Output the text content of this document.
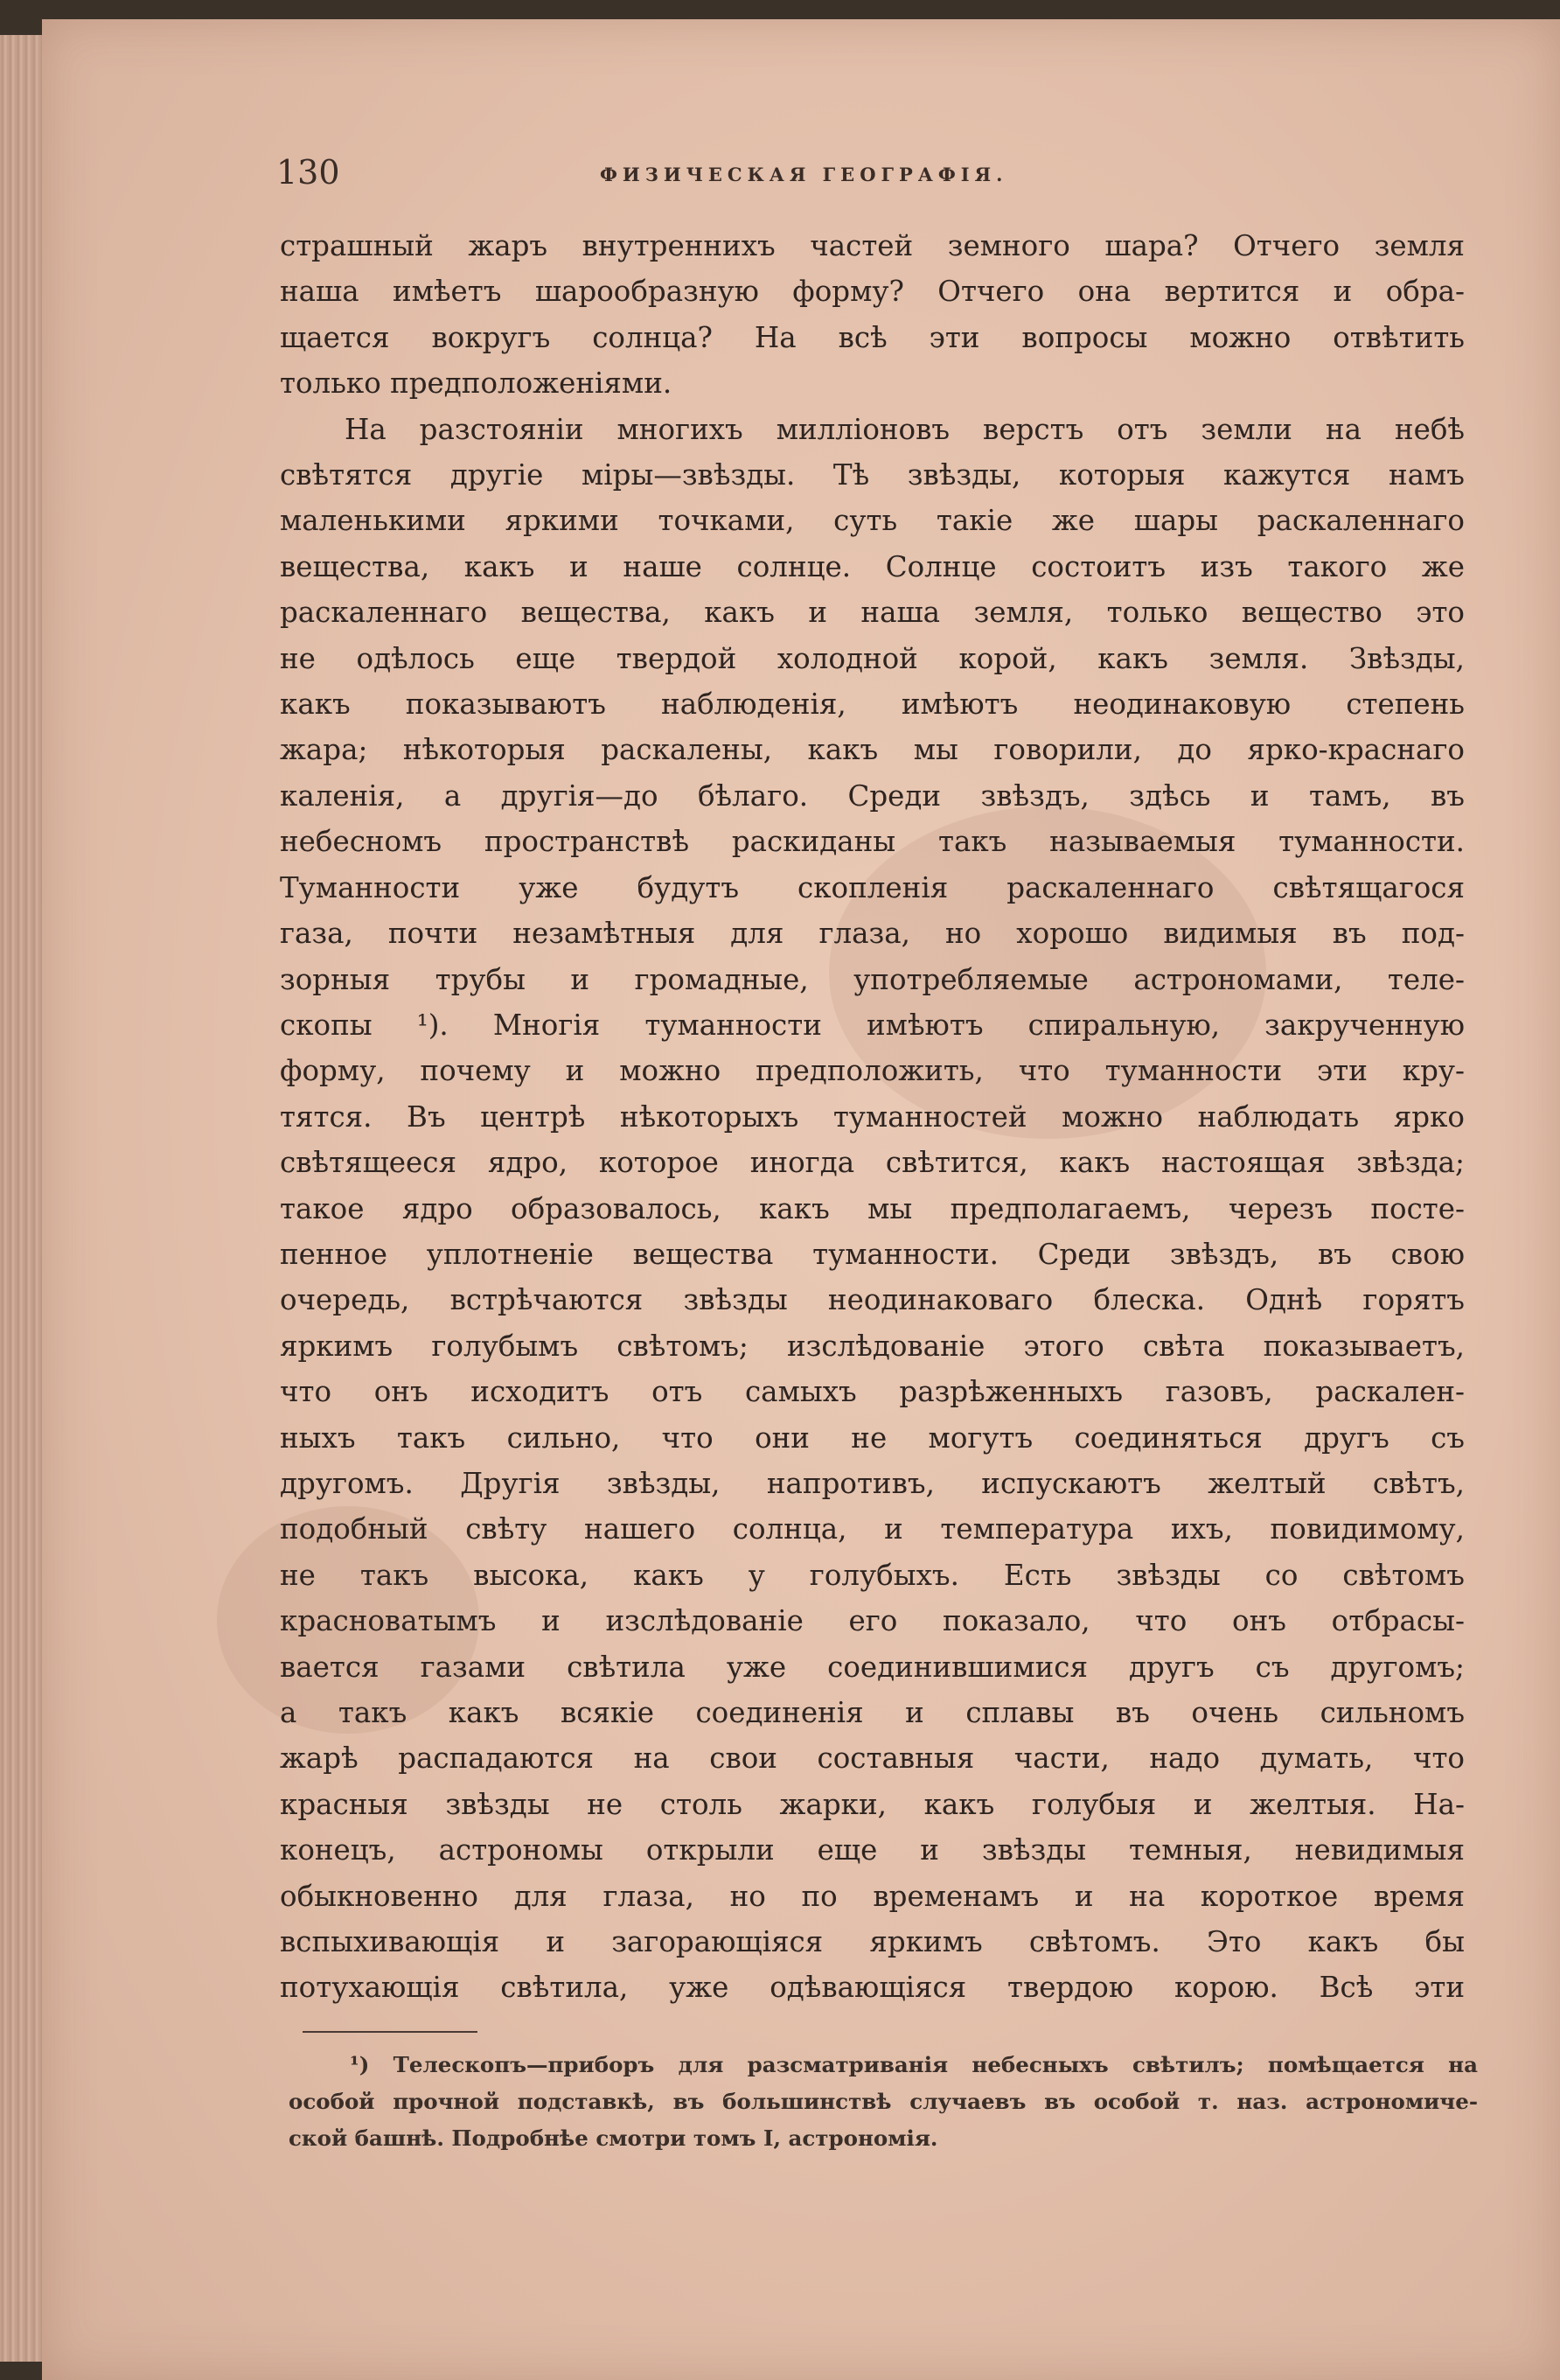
130	ФИЗИЧЕСКАЯ ГЕОГРАФІЯ.
страшный жаръ внутреннихъ частей земного шара? Отчего земля
наша имѣетъ шарообразную форму? Отчего она вертится и обра-
щается вокругъ солнца? На всѣ эти вопросы можно отвѣтить
только предположеніями.
На разстояніи многихъ милліоновъ верстъ отъ земли на небѣ
свѣтятся другіе міры—звѣзды. Тѣ звѣзды, которыя кажутся намъ
маленькими яркими точками, суть такіе же шары раскаленнаго
вещества, какъ и наше солнце. Солнце состоитъ изъ такого же
раскаленнаго вещества, какъ и наша земля, только вещество это
не одѣлось еще твердой холодной корой, какъ земля. Звѣзды,
какъ показываютъ наблюденія, имѣютъ неодинаковую степень
жара; нѣкоторыя раскалены, какъ мы говорили, до ярко-краснаго
каленія, а другія—до бѣлаго. Среди звѣздъ, здѣсь и тамъ, въ
небесномъ пространствѣ раскиданы такъ называемыя туманности.
Туманности уже будутъ скопленія раскаленнаго свѣтящагося
газа, почти незамѣтныя для глаза, но хорошо видимыя въ под-
зорныя трубы и громадные, употребляемые астрономами, теле-
скопы ¹). Многія туманности имѣютъ спиральную, закрученную
форму, почему и можно предположить, что туманности эти кру-
тятся. Въ центрѣ нѣкоторыхъ туманностей можно наблюдать ярко
свѣтящееся ядро, которое иногда свѣтится, какъ настоящая звѣзда;
такое ядро образовалось, какъ мы предполагаемъ, черезъ посте-
пенное уплотненіе вещества туманности. Среди звѣздъ, въ свою
очередь, встрѣчаются звѣзды неодинаковаго блеска. Однѣ горятъ
яркимъ голубымъ свѣтомъ; изслѣдованіе этого свѣта показываетъ,
что онъ исходитъ отъ самыхъ разрѣженныхъ газовъ, раскален-
ныхъ такъ сильно, что они не могутъ соединяться другъ съ
другомъ. Другія звѣзды, напротивъ, испускаютъ желтый свѣтъ,
подобный свѣту нашего солнца, и температура ихъ, повидимому,
не такъ высока, какъ у голубыхъ. Есть звѣзды со свѣтомъ
красноватымъ и изслѣдованіе его показало, что онъ отбрасы-
вается газами свѣтила уже соединившимися другъ съ другомъ;
а такъ какъ всякіе соединенія и сплавы въ очень сильномъ
жарѣ распадаются на свои составныя части, надо думать, что
красныя звѣзды не столь жарки, какъ голубыя и желтыя. На-
конецъ, астрономы открыли еще и звѣзды темныя, невидимыя
обыкновенно для глаза, но по временамъ и на короткое время
вспыхивающія и загорающіяся яркимъ свѣтомъ. Это какъ бы
потухающія свѣтила, уже одѣвающіяся твердою корою. Всѣ эти
¹) Телескопъ—приборъ для разсматриванія небесныхъ свѣтилъ; помѣщается на
особой прочной подставкѣ, въ большинствѣ случаевъ въ особой т. наз. астрономиче-
ской башнѣ. Подробнѣе смотри томъ I, астрономія.
